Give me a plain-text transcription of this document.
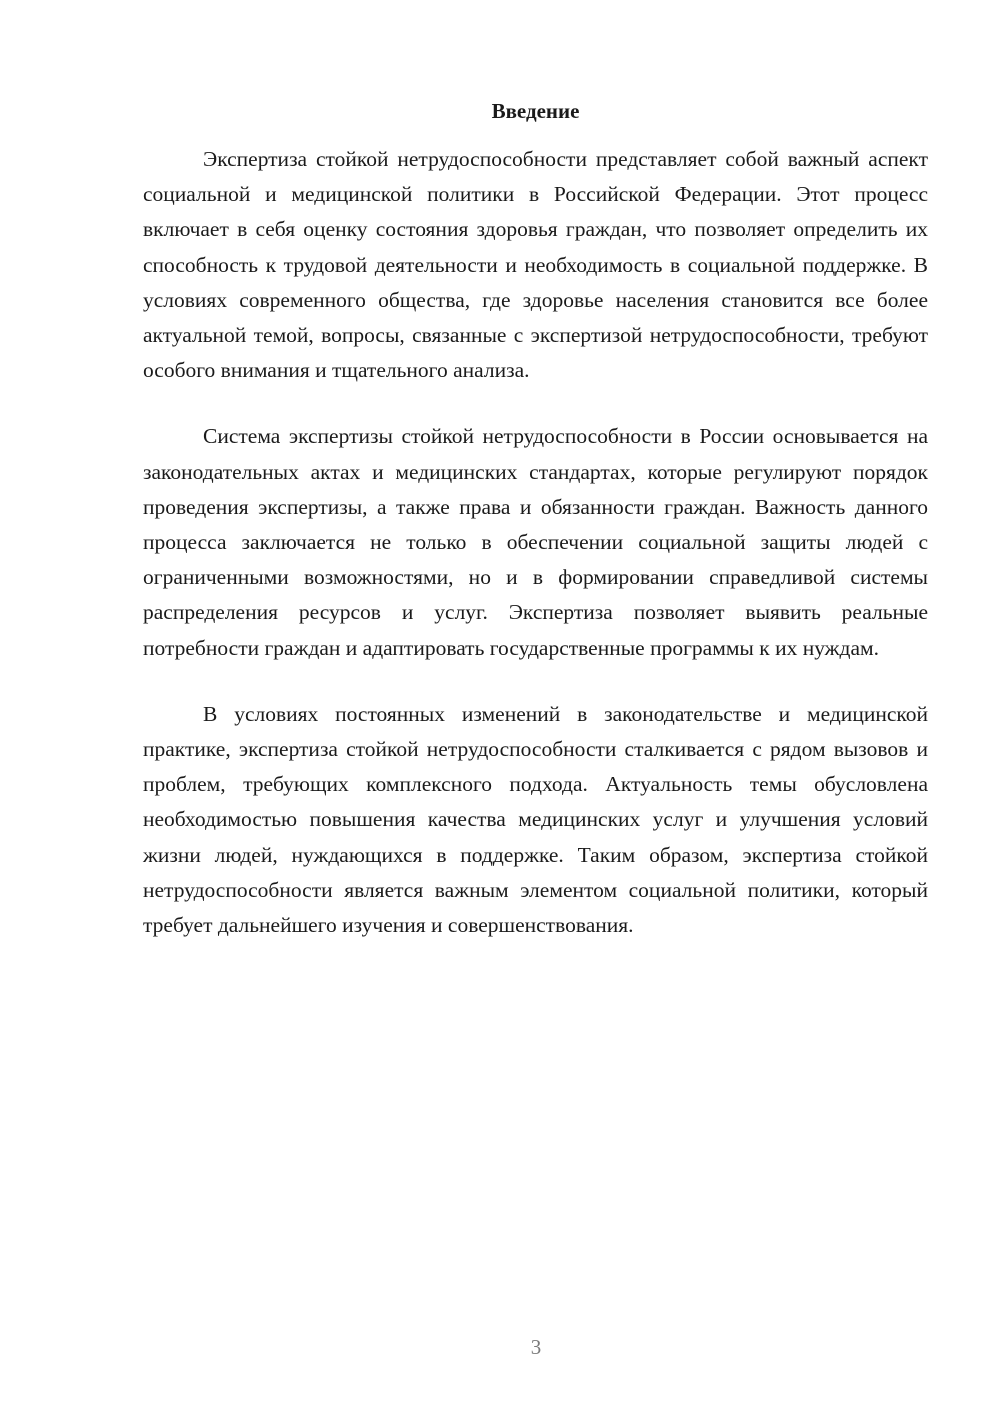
Введение

Экспертиза стойкой нетрудоспособности представляет собой важный аспект социальной и медицинской политики в Российской Федерации. Этот процесс включает в себя оценку состояния здоровья граждан, что позволяет определить их способность к трудовой деятельности и необходимость в социальной поддержке. В условиях современного общества, где здоровье населения становится все более актуальной темой, вопросы, связанные с экспертизой нетрудоспособности, требуют особого внимания и тщательного анализа.

Система экспертизы стойкой нетрудоспособности в России основывается на законодательных актах и медицинских стандартах, которые регулируют порядок проведения экспертизы, а также права и обязанности граждан. Важность данного процесса заключается не только в обеспечении социальной защиты людей с ограниченными возможностями, но и в формировании справедливой системы распределения ресурсов и услуг. Экспертиза позволяет выявить реальные потребности граждан и адаптировать государственные программы к их нуждам.

В условиях постоянных изменений в законодательстве и медицинской практике, экспертиза стойкой нетрудоспособности сталкивается с рядом вызовов и проблем, требующих комплексного подхода. Актуальность темы обусловлена необходимостью повышения качества медицинских услуг и улучшения условий жизни людей, нуждающихся в поддержке. Таким образом, экспертиза стойкой нетрудоспособности является важным элементом социальной политики, который требует дальнейшего изучения и совершенствования.

3
